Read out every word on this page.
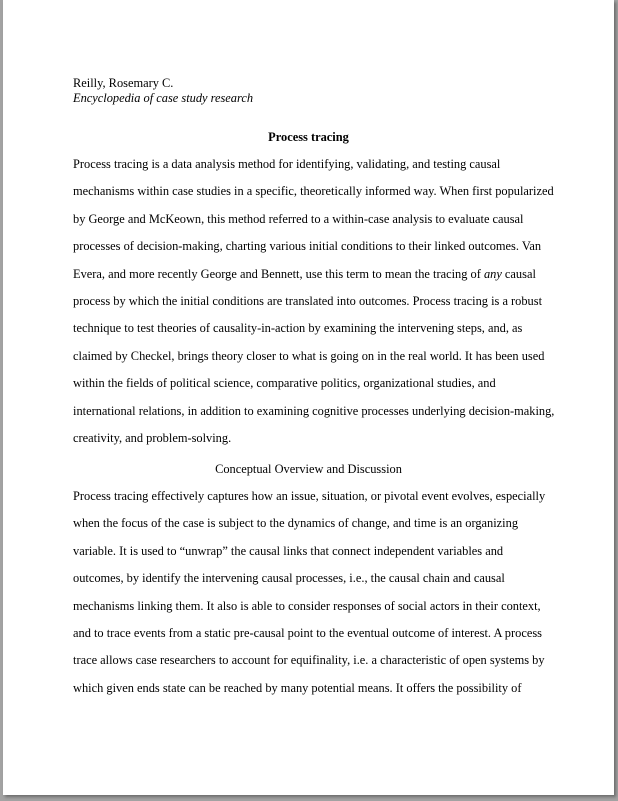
Reilly, Rosemary C.
Encyclopedia of case study research
Process tracing
Process tracing is a data analysis method for identifying, validating, and testing causal
mechanisms within case studies in a specific, theoretically informed way. When first popularized
by George and McKeown, this method referred to a within-case analysis to evaluate causal
processes of decision-making, charting various initial conditions to their linked outcomes. Van
Evera, and more recently George and Bennett, use this term to mean the tracing of any causal
process by which the initial conditions are translated into outcomes. Process tracing is a robust
technique to test theories of causality-in-action by examining the intervening steps, and, as
claimed by Checkel, brings theory closer to what is going on in the real world. It has been used
within the fields of political science, comparative politics, organizational studies, and
international relations, in addition to examining cognitive processes underlying decision-making,
creativity, and problem-solving.
Conceptual Overview and Discussion
Process tracing effectively captures how an issue, situation, or pivotal event evolves, especially
when the focus of the case is subject to the dynamics of change, and time is an organizing
variable. It is used to “unwrap” the causal links that connect independent variables and
outcomes, by identify the intervening causal processes, i.e., the causal chain and causal
mechanisms linking them. It also is able to consider responses of social actors in their context,
and to trace events from a static pre-causal point to the eventual outcome of interest. A process
trace allows case researchers to account for equifinality, i.e. a characteristic of open systems by
which given ends state can be reached by many potential means. It offers the possibility of
